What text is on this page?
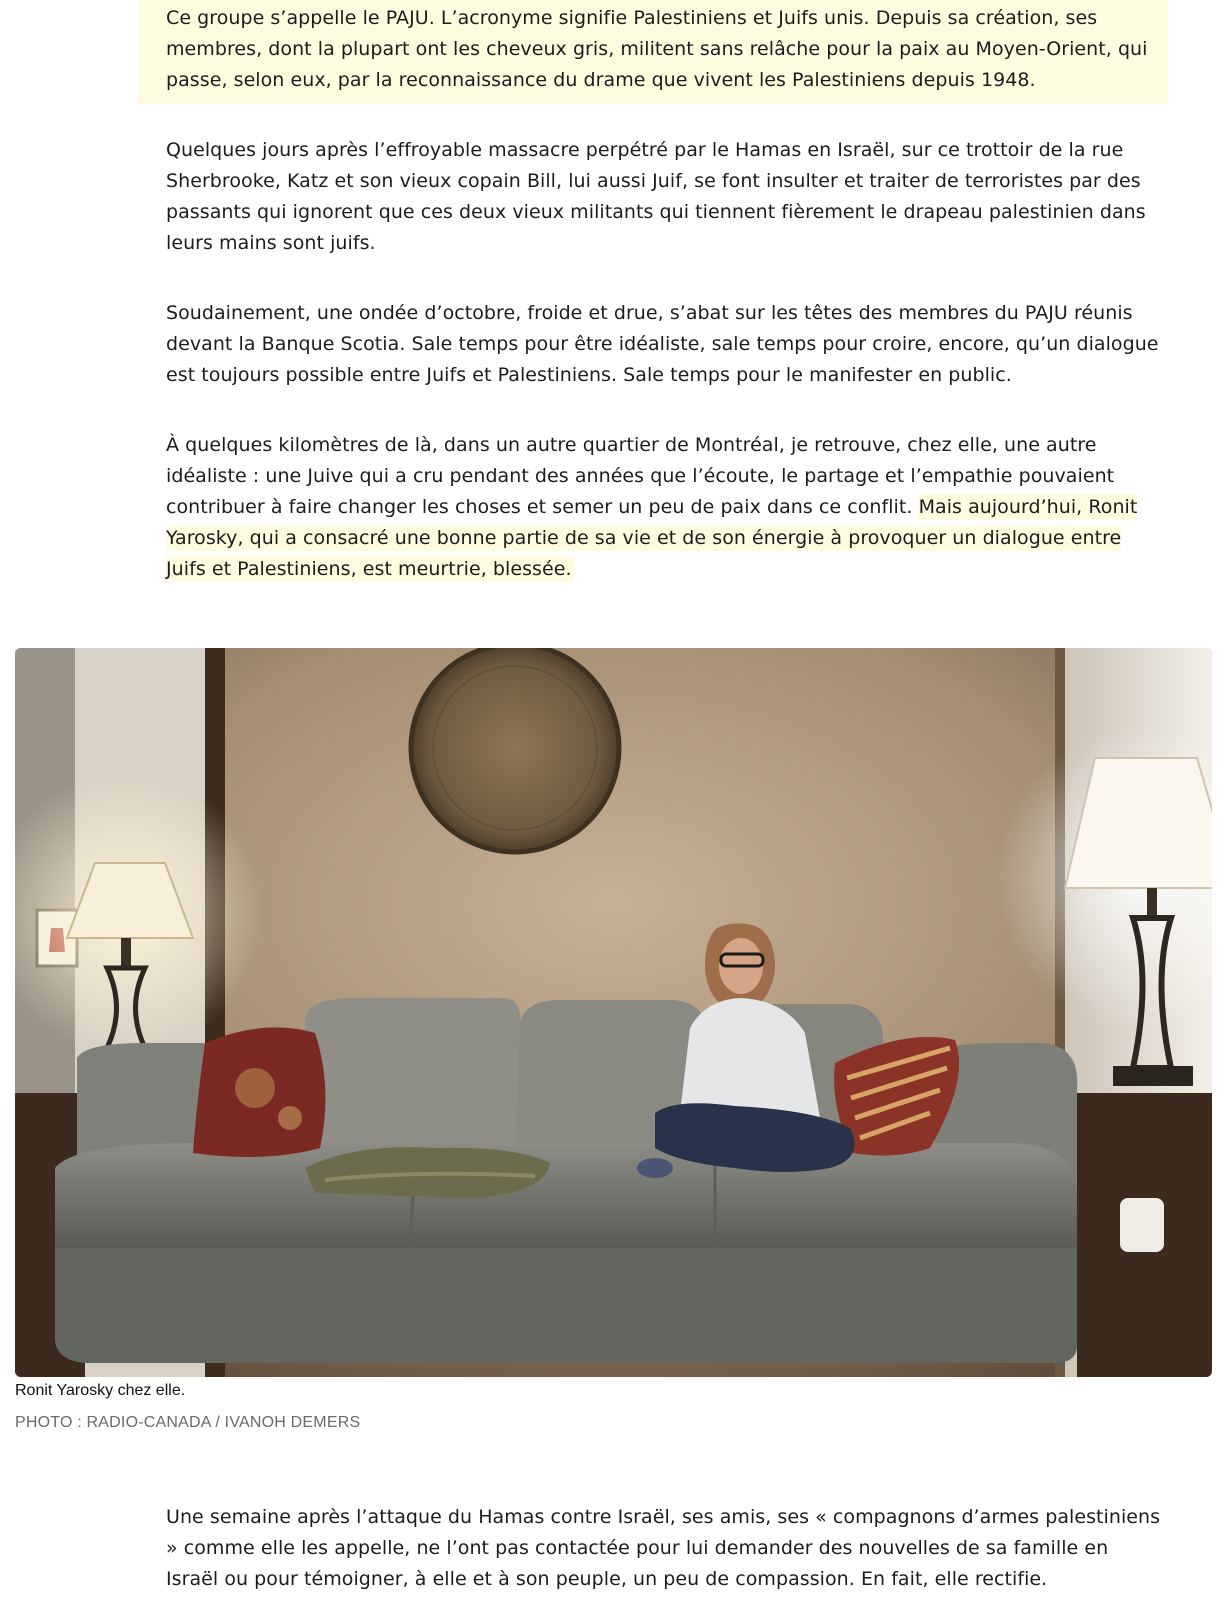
Ce groupe s’appelle le PAJU. L’acronyme signifie Palestiniens et Juifs unis. Depuis sa création, ses membres, dont la plupart ont les cheveux gris, militent sans relâche pour la paix au Moyen-Orient, qui passe, selon eux, par la reconnaissance du drame que vivent les Palestiniens depuis 1948.

Quelques jours après l’effroyable massacre perpétré par le Hamas en Israël, sur ce trottoir de la rue Sherbrooke, Katz et son vieux copain Bill, lui aussi Juif, se font insulter et traiter de terroristes par des passants qui ignorent que ces deux vieux militants qui tiennent fièrement le drapeau palestinien dans leurs mains sont juifs.

Soudainement, une ondée d’octobre, froide et drue, s’abat sur les têtes des membres du PAJU réunis devant la Banque Scotia. Sale temps pour être idéaliste, sale temps pour croire, encore, qu’un dialogue est toujours possible entre Juifs et Palestiniens. Sale temps pour le manifester en public.

À quelques kilomètres de là, dans un autre quartier de Montréal, je retrouve, chez elle, une autre idéaliste : une Juive qui a cru pendant des années que l’écoute, le partage et l’empathie pouvaient contribuer à faire changer les choses et semer un peu de paix dans ce conflit. Mais aujourd’hui, Ronit Yarosky, qui a consacré une bonne partie de sa vie et de son énergie à provoquer un dialogue entre Juifs et Palestiniens, est meurtrie, blessée.

Ronit Yarosky chez elle.

PHOTO : RADIO-CANADA / IVANOH DEMERS

Une semaine après l’attaque du Hamas contre Israël, ses amis, ses « compagnons d’armes palestiniens » comme elle les appelle, ne l’ont pas contactée pour lui demander des nouvelles de sa famille en Israël ou pour témoigner, à elle et à son peuple, un peu de compassion. En fait, elle rectifie.
